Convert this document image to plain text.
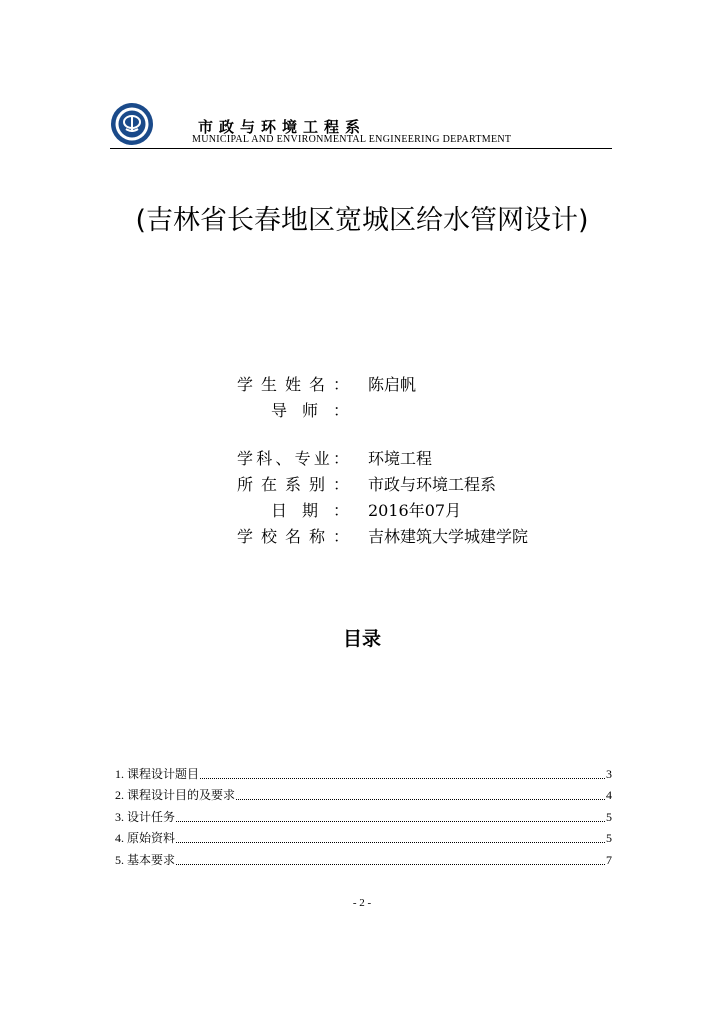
市政与环境工程系
MUNICIPAL AND ENVIRONMENTAL ENGINEERING DEPARTMENT
(吉林省长春地区宽城区给水管网设计)
学 生 姓 名 ： 陈启帆
导 师 ：
学 科 、 专 业 ： 环境工程
所 在 系 别 ： 市政与环境工程系
日 期 ： 2016年07月
学 校 名 称 ： 吉林建筑大学城建学院
目录
1. 课程设计题目	3
2. 课程设计目的及要求	4
3. 设计任务	5
4. 原始资料	5
5. 基本要求	7
- 2 -
